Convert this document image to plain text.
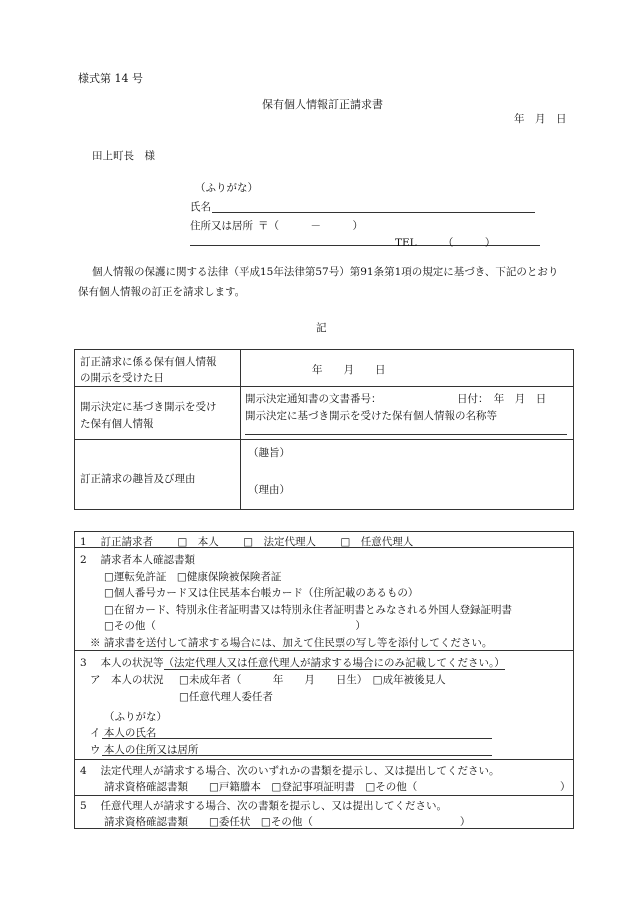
様式第 14 号
保有個人情報訂正請求書
年　月　日
田上町長　様
（ふりがな）
氏名
住所又は居所 〒（　　　－　　　）
TEL　　　（　　　）
個人情報の保護に関する法律（平成15年法律第57号）第91条第1項の規定に基づき、下記のとおり
保有個人情報の訂正を請求します。
記
訂正請求に係る保有個人情報
の開示を受けた日
年　　月　　日
開示決定に基づき開示を受け
た保有個人情報
開示決定通知書の文書番号：	日付：　年　月　日
開示決定に基づき開示を受けた保有個人情報の名称等
訂正請求の趣旨及び理由
（趣旨）
（理由）
1　 訂正請求者　　 □　本人　　 □　法定代理人　　 □　任意代理人
2　 請求者本人確認書類
□運転免許証　□健康保険被保険者証
□個人番号カード又は住民基本台帳カード（住所記載のあるもの）
□在留カード、特別永住者証明書又は特別永住者証明書とみなされる外国人登録証明書
□その他（　　　　　　　　　　　　　　　　　　　）
※ 請求書を送付して請求する場合には、加えて住民票の写し等を添付してください。
3　 本人の状況等（法定代理人又は任意代理人が請求する場合にのみ記載してください。）
ア　本人の状況 □未成年者（　　　年　　月　　日生）　□成年被後見人
□任意代理人委任者
（ふりがな）
イ 本人の氏名
ウ 本人の住所又は居所
4　 法定代理人が請求する場合、次のいずれかの書類を提示し、又は提出してください。
請求資格確認書類　　□戸籍謄本　□登記事項証明書　□その他（	）
5　 任意代理人が請求する場合、次の書類を提示し、又は提出してください。
請求資格確認書類　　□委任状　□その他（　　　　　　　　　　　　　　）
